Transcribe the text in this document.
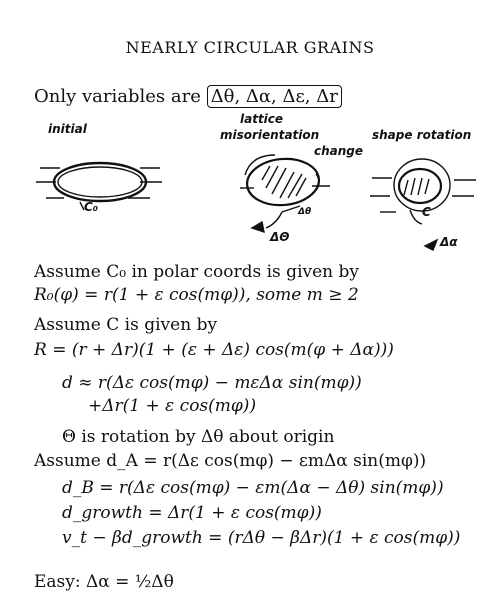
NEARLY CIRCULAR GRAINS
Only variables are Δθ, Δα, Δε, Δr
initial
lattice
misorientation
change
shape rotation
C₀	Δθ
ΔΘ
C
Δα
Assume C₀ in polar coords is given by
R₀(φ) = r(1 + ε cos(mφ)), some m ≥ 2
Assume C is given by
R = (r + Δr)(1 + (ε + Δε) cos(m(φ + Δα)))
d ≈ r(Δε cos(mφ) − mεΔα sin(mφ))
+Δr(1 + ε cos(mφ))
Θ is rotation by Δθ about origin
Assume d_A = r(Δε cos(mφ) − εmΔα sin(mφ))
d_B = r(Δε cos(mφ) − εm(Δα − Δθ) sin(mφ))
d_growth = Δr(1 + ε cos(mφ))
v_t − βd_growth = (rΔθ − βΔr)(1 + ε cos(mφ))
Easy: Δα = ½Δθ
